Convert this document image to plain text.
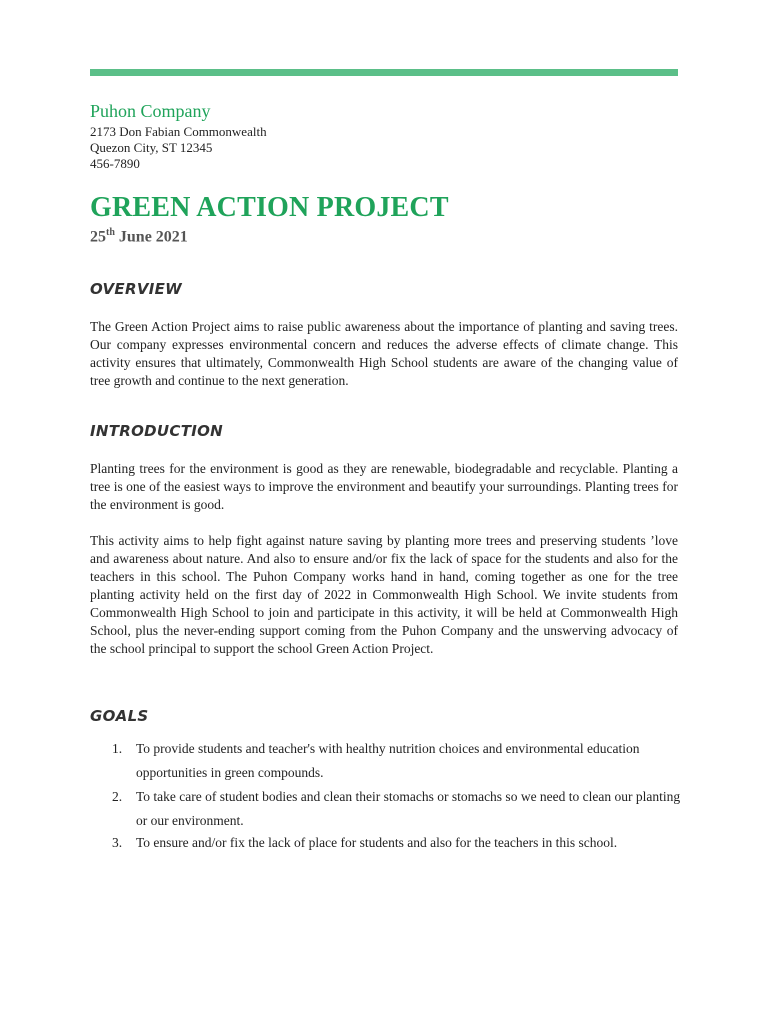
Puhon Company
2173 Don Fabian Commonwealth
Quezon City, ST 12345
456-7890
GREEN ACTION PROJECT
25th June 2021
OVERVIEW
The Green Action Project aims to raise public awareness about the importance of planting and saving trees. Our company expresses environmental concern and reduces the adverse effects of climate change. This activity ensures that ultimately, Commonwealth High School students are aware of the changing value of tree growth and continue to the next generation.
INTRODUCTION
Planting trees for the environment is good as they are renewable, biodegradable and recyclable. Planting a tree is one of the easiest ways to improve the environment and beautify your surroundings. Planting trees for the environment is good.
This activity aims to help fight against nature saving by planting more trees and preserving students ’love and awareness about nature. And also to ensure and/or fix the lack of space for the students and also for the teachers in this school. The Puhon Company works hand in hand, coming together as one for the tree planting activity held on the first day of 2022 in Commonwealth High School. We invite students from Commonwealth High School to join and participate in this activity, it will be held at Commonwealth High School, plus the never-ending support coming from the Puhon Company and the unswerving advocacy of the school principal to support the school Green Action Project.
GOALS
1. To provide students and teacher's with healthy nutrition choices and environmental education opportunities in green compounds.
2. To take care of student bodies and clean their stomachs or stomachs so we need to clean our planting or our environment.
3. To ensure and/or fix the lack of place for students and also for the teachers in this school.
